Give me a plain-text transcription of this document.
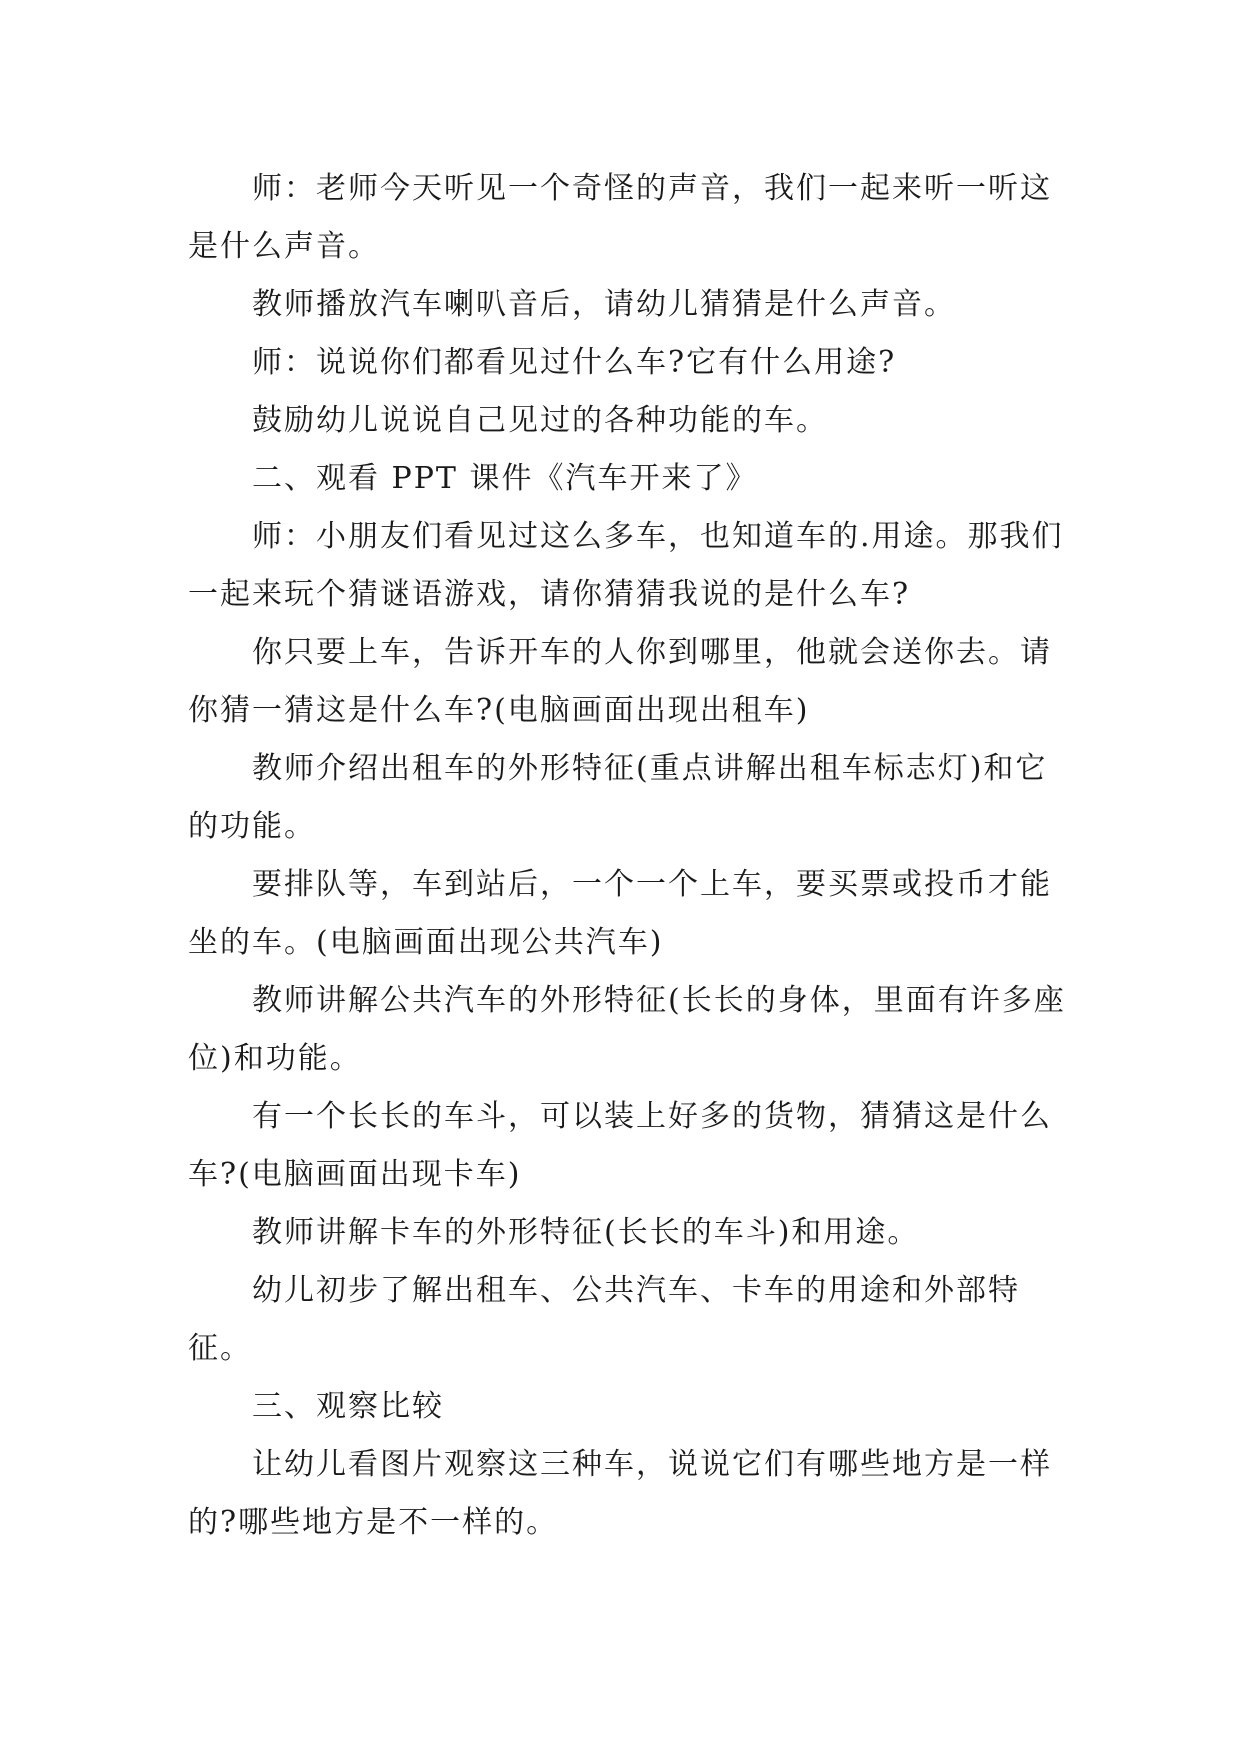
师：老师今天听见一个奇怪的声音，我们一起来听一听这是什么声音。

教师播放汽车喇叭音后，请幼儿猜猜是什么声音。

师：说说你们都看见过什么车?它有什么用途?

鼓励幼儿说说自己见过的各种功能的车。

二、观看 PPT 课件《汽车开来了》

师：小朋友们看见过这么多车，也知道车的.用途。那我们一起来玩个猜谜语游戏，请你猜猜我说的是什么车?

你只要上车，告诉开车的人你到哪里，他就会送你去。请你猜一猜这是什么车?(电脑画面出现出租车)

教师介绍出租车的外形特征(重点讲解出租车标志灯)和它的功能。

要排队等，车到站后，一个一个上车，要买票或投币才能坐的车。(电脑画面出现公共汽车)

教师讲解公共汽车的外形特征(长长的身体，里面有许多座位)和功能。

有一个长长的车斗，可以装上好多的货物，猜猜这是什么车?(电脑画面出现卡车)

教师讲解卡车的外形特征(长长的车斗)和用途。

幼儿初步了解出租车、公共汽车、卡车的用途和外部特征。

三、观察比较

让幼儿看图片观察这三种车，说说它们有哪些地方是一样的?哪些地方是不一样的。
